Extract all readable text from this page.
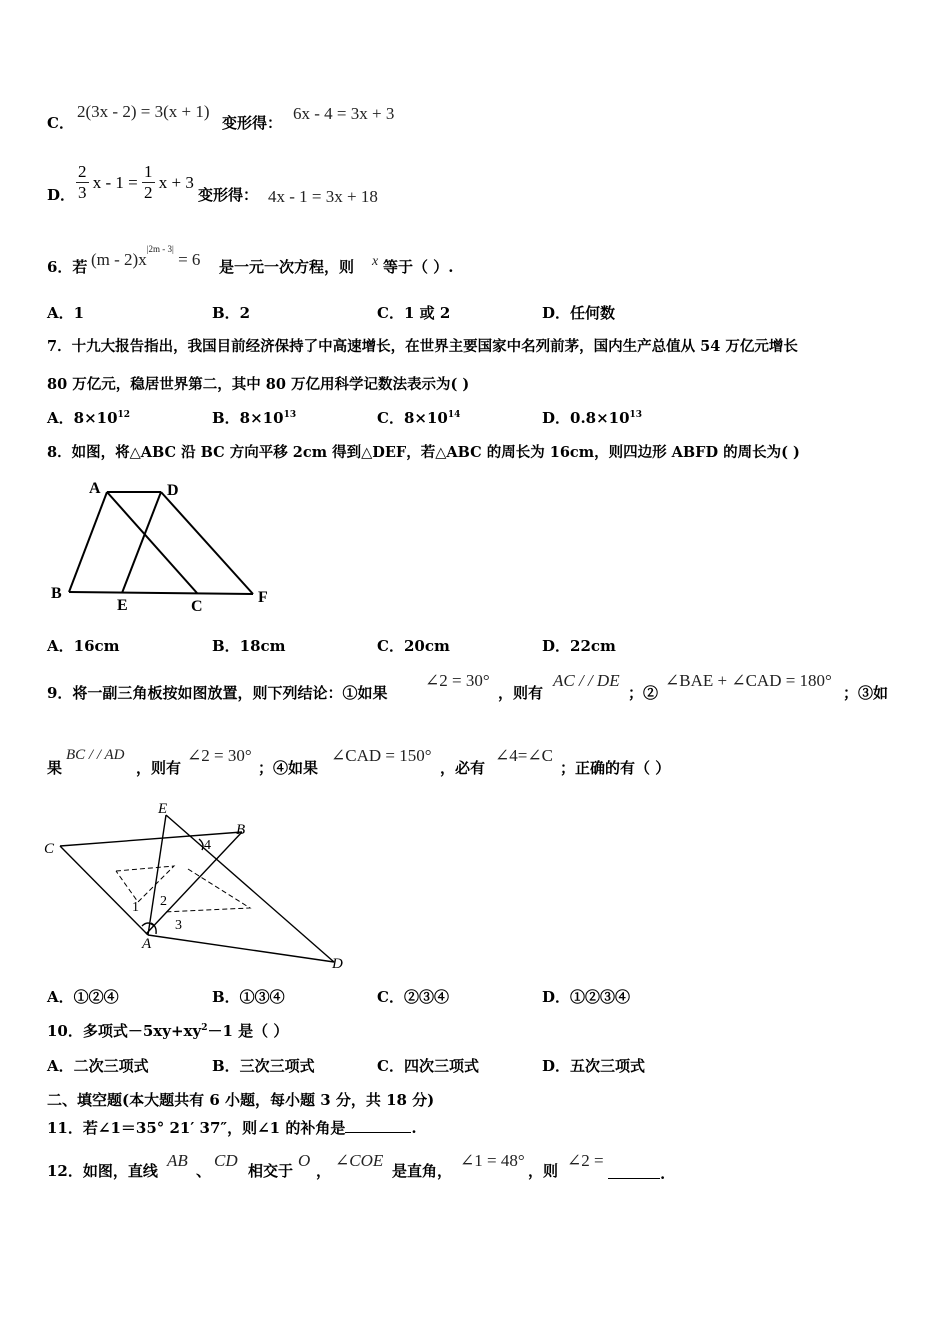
C．
2(3x - 2) = 3(x + 1)
变形得： 6x - 4 = 3x + 3
D． $\frac{2}{3}$ $x - 1 = \frac{1}{2}$ x + 3
变形得： 4x - 1 = 3x + 18
6．若 $(m - 2)x^{|2m - 3|} = 6$ 是一元一次方程，则 x 等于（ ）.
A．1	B．2	C．1 或 2	D．任何数
7．十九大报告指出，我国目前经济保持了中高速增长，在世界主要国家中名列前茅，国内生产总值从 54 万亿元增长
80 万亿元，稳居世界第二，其中 80 万亿用科学记数法表示为( )
A．$8\times 10^{12}$	B．$8\times 10^{13}$	C．$8\times 10^{14}$	D．$0.8\times 10^{13}$
8．如图，将△ABC 沿 BC 方向平移 2cm 得到△DEF，若△ABC 的周长为 16cm，则四边形 ABFD 的周长为( )
A	D
B
E	C
F
A．16cm	B．18cm	C．20cm	D．22cm
9．将一副三角板按如图放置，则下列结论：①如果
∠2 = 30°
，则有
AC / / DE
；②
∠BAE + ∠CAD = 180°
；③如
果
BC / / AD
，则有
∠2 = 30°
；④如果
∠CAD = 150°
，必有
∠4=∠C
；正确的有（ ）
E
B
C
A
D
4
1 2
3
A．①②④	B．①③④	C．②③④	D．①②③④
10．多项式$-5xy+xy^2-1$ 是（ ）
A．二次三项式	B．三次三项式	C．四次三项式	D．五次三项式
二、填空题(本大题共有 6 小题，每小题 3 分，共 18 分)
11．若∠1＝35° 21′ 37″，则∠1 的补角是	.
12．如图，直线
AB
、
CD
相交于
O
，
∠COE
是直角，
∠1 = 48°
，则
∠2 =
.
